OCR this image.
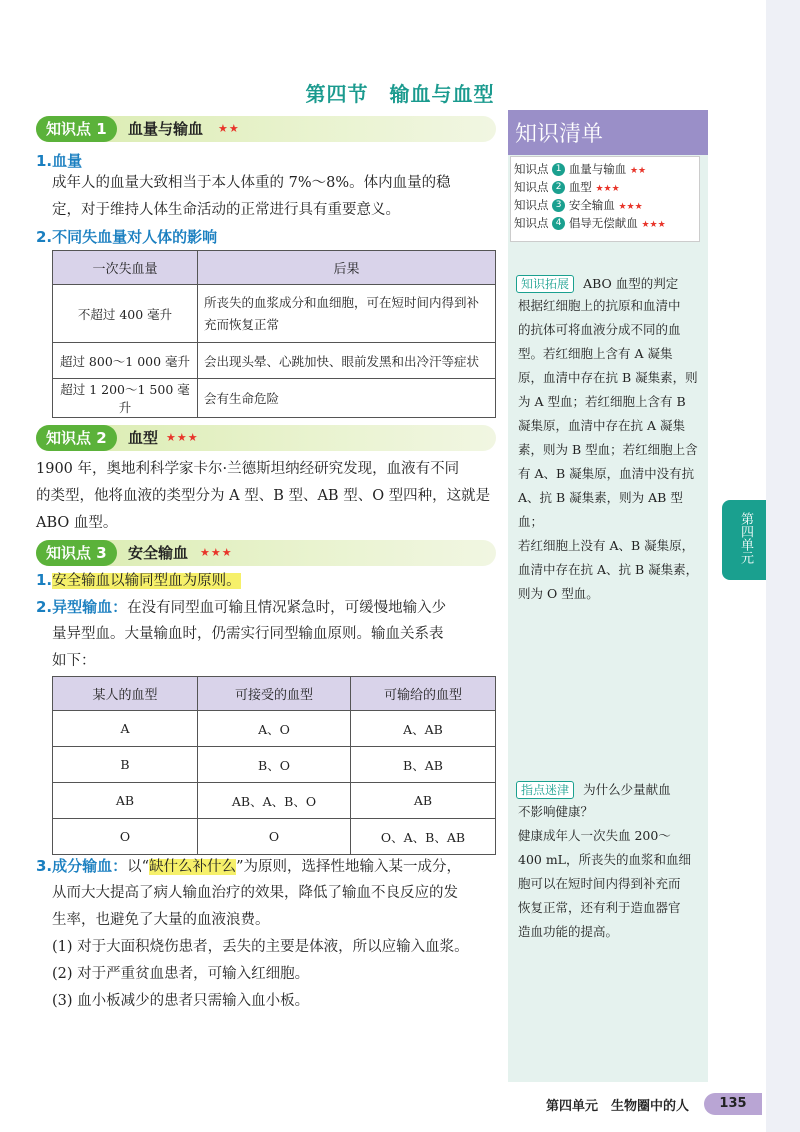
第四节　输血与血型
知识点 1	血量与输血 ★★
1.血量
成年人的血量大致相当于本人体重的 7%～8%。体内血量的稳
定，对于维持人体生命活动的正常进行具有重要意义。
2.不同失血量对人体的影响
一次失血量	后果
不超过 400 毫升	所丧失的血浆成分和血细胞，可在短时间内得到补
充而恢复正常
超过 800～1 000 毫升	会出现头晕、心跳加快、眼前发黑和出冷汗等症状
超过 1 200～1 500 毫升	会有生命危险
知识点 2	血型 ★★★
1900 年，奥地利科学家卡尔·兰德斯坦纳经研究发现，血液有不同
的类型，他将血液的类型分为 A 型、B 型、AB 型、O 型四种，这就是
ABO 血型。
知识点 3	安全输血 ★★★
1.安全输血以输同型血为原则。
2.异型输血：在没有同型血可输且情况紧急时，可缓慢地输入少
量异型血。大量输血时，仍需实行同型输血原则。输血关系表
如下：
某人的血型	可接受的血型	可输给的血型
A	A、O	A、AB
B	B、O	B、AB
AB	AB、A、B、O	AB
O	O	O、A、B、AB
3.成分输血：以“缺什么补什么”为原则，选择性地输入某一成分，
从而大大提高了病人输血治疗的效果，降低了输血不良反应的发
生率，也避免了大量的血液浪费。
(1) 对于大面积烧伤患者，丢失的主要是体液，所以应输入血浆。
(2) 对于严重贫血患者，可输入红细胞。
(3) 血小板减少的患者只需输入血小板。
知识清单
知识点 1 血量与输血 ★★
知识点 2 血型 ★★★
知识点 3 安全输血 ★★★
知识点 4 倡导无偿献血 ★★★
知识拓展 ABO 血型的判定
根据红细胞上的抗原和血清中
的抗体可将血液分成不同的血
型。若红细胞上含有 A 凝集
原，血清中存在抗 B 凝集素，则
为 A 型血；若红细胞上含有 B
凝集原，血清中存在抗 A 凝集
素，则为 B 型血；若红细胞上含
有 A、B 凝集原，血清中没有抗
A、抗 B 凝集素，则为 AB 型血；
若红细胞上没有 A、B 凝集原，
血清中存在抗 A、抗 B 凝集素，
则为 O 型血。
指点迷津 为什么少量献血
不影响健康？
健康成年人一次失血 200～
400 mL，所丧失的血浆和血细
胞可以在短时间内得到补充而
恢复正常，还有利于造血器官
造血功能的提高。
第四单元
第四单元　生物圈中的人	135
